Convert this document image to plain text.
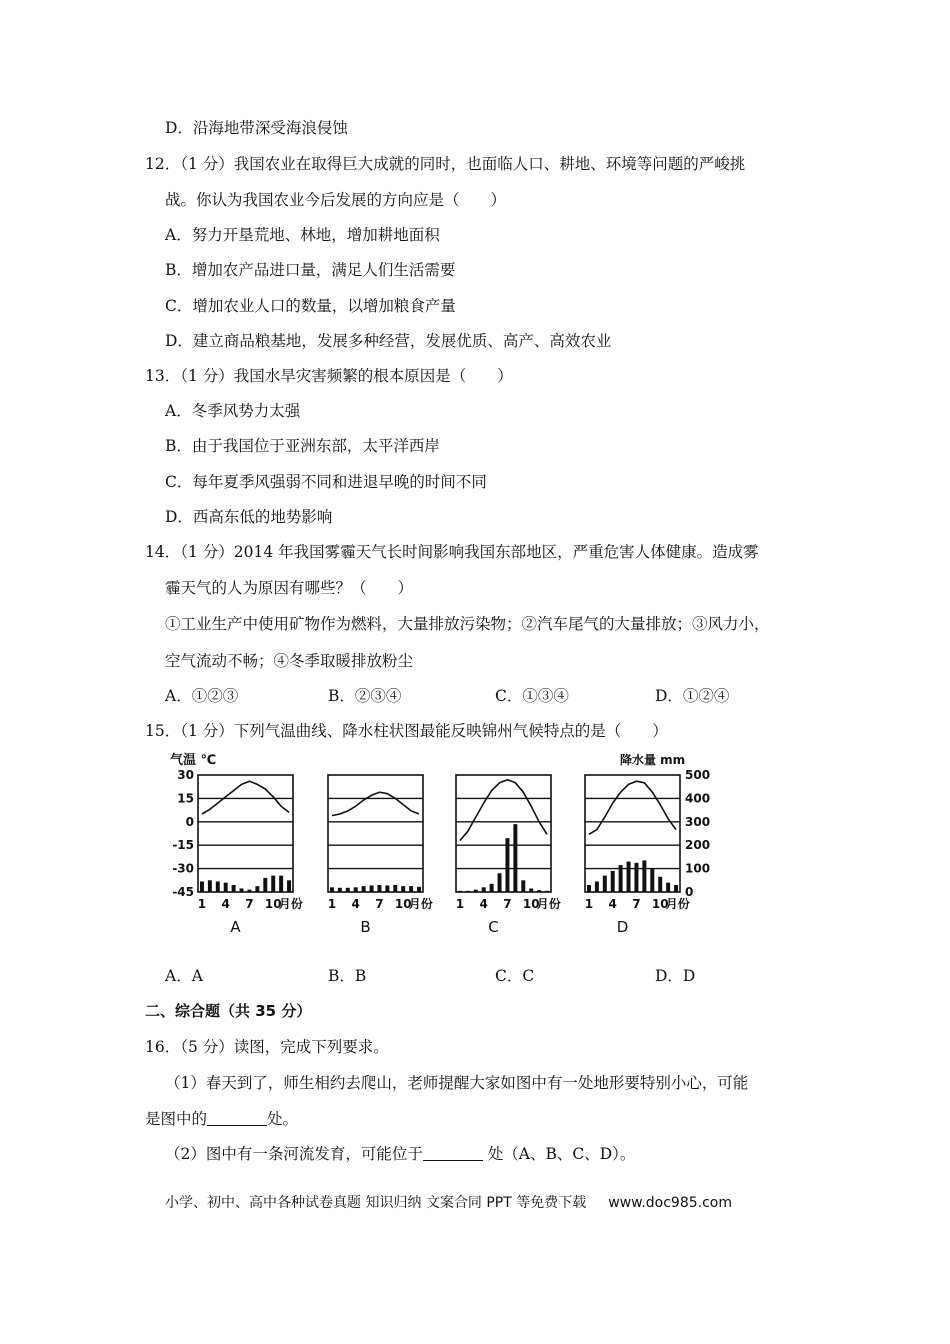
D．沿海地带深受海浪侵蚀
12．（1 分）我国农业在取得巨大成就的同时，也面临人口、耕地、环境等问题的严峻挑
战。你认为我国农业今后发展的方向应是（　　）
A．努力开垦荒地、林地，增加耕地面积
B．增加农产品进口量，满足人们生活需要
C．增加农业人口的数量，以增加粮食产量
D．建立商品粮基地，发展多种经营，发展优质、高产、高效农业
13．（1 分）我国水旱灾害频繁的根本原因是（　　）
A．冬季风势力太强
B．由于我国位于亚洲东部，太平洋西岸
C．每年夏季风强弱不同和进退早晚的时间不同
D．西高东低的地势影响
14．（1 分）2014 年我国雾霾天气长时间影响我国东部地区，严重危害人体健康。造成雾
霾天气的人为原因有哪些？（　　）
①工业生产中使用矿物作为燃料，大量排放污染物；②汽车尾气的大量排放；③风力小，
空气流动不畅；④冬季取暖排放粉尘
A．①②③	B．②③④	C．①③④	D．①②④
15．（1 分）下列气温曲线、降水柱状图最能反映锦州气候特点的是（　　）
气温 ℃	降水量 mm
30
15
0
-15
-30
-45
500
400
300
200
100
0
1 4 7 10
月份
A
1 4 7 10
月份
B
1 4 7 10
月份
C
1 4 7 10
月份
D
A．A	B．B	C．C	D．D
二、综合题（共 35 分）
16．（5 分）读图，完成下列要求。
（1）春天到了，师生相约去爬山，老师提醒大家如图中有一处地形要特别小心，可能
是图中的	处。
（2）图中有一条河流发育，可能位于	处（A、B、C、D）。
小学、初中、高中各种试卷真题 知识归纳 文案合同 PPT 等免费下载 www.doc985.com
